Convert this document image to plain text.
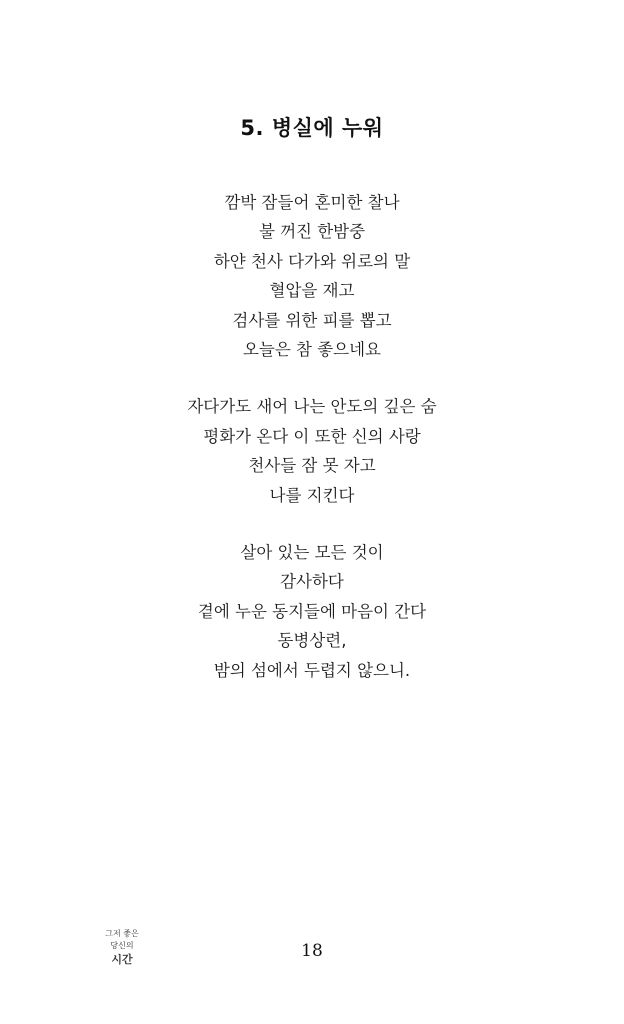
5. 병실에 누워
깜박 잠들어 혼미한 찰나
불 꺼진 한밤중
하얀 천사 다가와 위로의 말
혈압을 재고
검사를 위한 피를 뽑고
오늘은 참 좋으네요
자다가도 새어 나는 안도의 깊은 숨
평화가 온다 이 또한 신의 사랑
천사들 잠 못 자고
나를 지킨다
살아 있는 모든 것이
감사하다
곁에 누운 동지들에 마음이 간다
동병상련,
밤의 섬에서 두렵지 않으니.
그저 좋은
당신의
시간	18
